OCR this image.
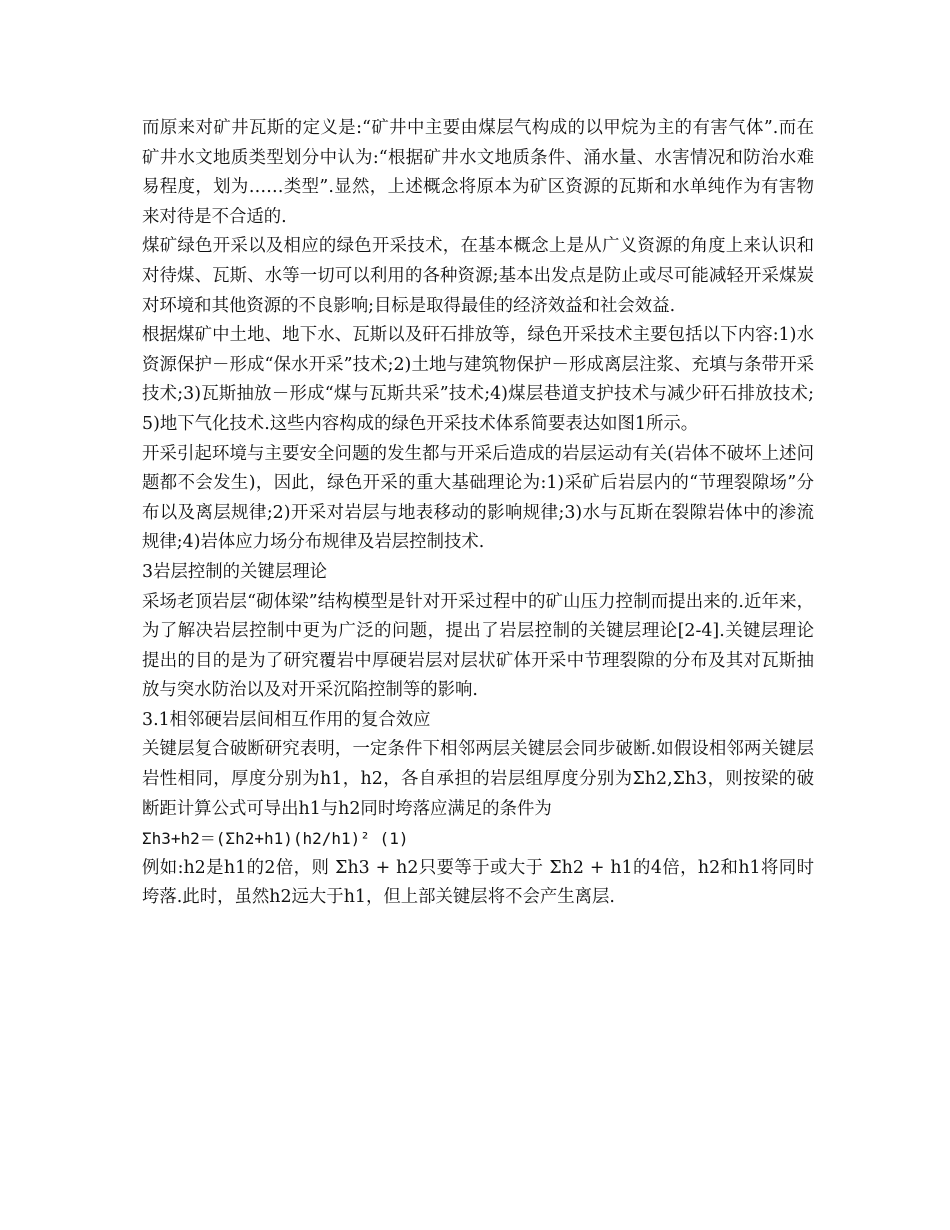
而原来对矿井瓦斯的定义是:“矿井中主要由煤层气构成的以甲烷为主的有害气体”.而在矿井水文地质类型划分中认为:“根据矿井水文地质条件、涌水量、水害情况和防治水难易程度，划为……类型”.显然，上述概念将原本为矿区资源的瓦斯和水单纯作为有害物来对待是不合适的.

煤矿绿色开采以及相应的绿色开采技术，在基本概念上是从广义资源的角度上来认识和对待煤、瓦斯、水等一切可以利用的各种资源;基本出发点是防止或尽可能减轻开采煤炭对环境和其他资源的不良影响;目标是取得最佳的经济效益和社会效益.

根据煤矿中土地、地下水、瓦斯以及矸石排放等，绿色开采技术主要包括以下内容:1)水资源保护－形成“保水开采”技术;2)土地与建筑物保护－形成离层注浆、充填与条带开采技术;3)瓦斯抽放－形成“煤与瓦斯共采”技术;4)煤层巷道支护技术与减少矸石排放技术;5)地下气化技术.这些内容构成的绿色开采技术体系简要表达如图1所示。

开采引起环境与主要安全问题的发生都与开采后造成的岩层运动有关(岩体不破坏上述问题都不会发生)，因此，绿色开采的重大基础理论为:1)采矿后岩层内的“节理裂隙场”分布以及离层规律;2)开采对岩层与地表移动的影响规律;3)水与瓦斯在裂隙岩体中的渗流规律;4)岩体应力场分布规律及岩层控制技术.

3岩层控制的关键层理论

采场老顶岩层“砌体梁”结构模型是针对开采过程中的矿山压力控制而提出来的.近年来，为了解决岩层控制中更为广泛的问题，提出了岩层控制的关键层理论[2-4].关键层理论提出的目的是为了研究覆岩中厚硬岩层对层状矿体开采中节理裂隙的分布及其对瓦斯抽放与突水防治以及对开采沉陷控制等的影响.

3.1相邻硬岩层间相互作用的复合效应

关键层复合破断研究表明，一定条件下相邻两层关键层会同步破断.如假设相邻两关键层岩性相同，厚度分别为h1，h2，各自承担的岩层组厚度分别为Σh2,Σh3，则按梁的破断距计算公式可导出h1与h2同时垮落应满足的条件为

Σh3+h2＝(Σh2+h1)(h2/h1)² (1)

例如:h2是h1的2倍，则 Σh3 + h2只要等于或大于 Σh2 + h1的4倍，h2和h1将同时垮落.此时，虽然h2远大于h1，但上部关键层将不会产生离层.
